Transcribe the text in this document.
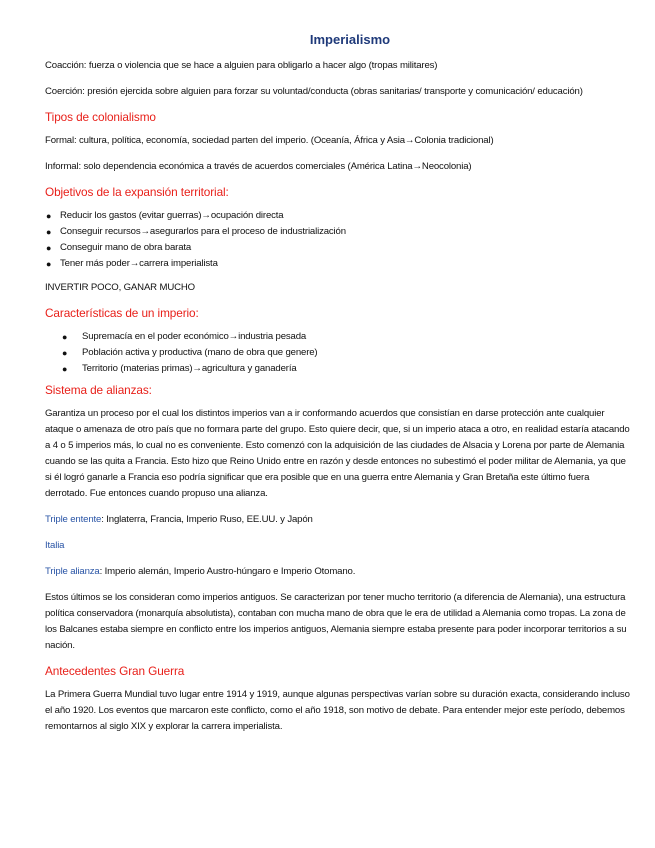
Imperialismo

Coacción: fuerza o violencia que se hace a alguien para obligarlo a hacer algo (tropas militares)

Coerción: presión ejercida sobre alguien para forzar su voluntad/conducta (obras sanitarias/ transporte y comunicación/ educación)

Tipos de colonialismo

Formal: cultura, política, economía, sociedad parten del imperio. (Oceanía, África y Asia→Colonia tradicional)

Informal: solo dependencia económica a través de acuerdos comerciales (América Latina→Neocolonia)

Objetivos de la expansión territorial:
● Reducir los gastos (evitar guerras)→ocupación directa
● Conseguir recursos→asegurarlos para el proceso de industrialización
● Conseguir mano de obra barata
● Tener más poder→carrera imperialista

INVERTIR POCO, GANAR MUCHO

Características de un imperio:
● Supremacía en el poder económico→industria pesada
● Población activa y productiva (mano de obra que genere)
● Territorio (materias primas)→agricultura y ganadería
Sistema de alianzas:

Garantiza un proceso por el cual los distintos imperios van a ir conformando acuerdos que consistían en darse protección ante cualquier ataque o amenaza de otro país que no formara parte del grupo. Esto quiere decir, que, si un imperio ataca a otro, en realidad estaría atacando a 4 o 5 imperios más, lo cual no es conveniente. Esto comenzó con la adquisición de las ciudades de Alsacia y Lorena por parte de Alemania cuando se las quita a Francia. Esto hizo que Reino Unido entre en razón y desde entonces no subestimó el poder militar de Alemania, ya que si él logró ganarle a Francia eso podría significar que era posible que en una guerra entre Alemania y Gran Bretaña este último fuera derrotado. Fue entonces cuando propuso una alianza.

Triple entente: Inglaterra, Francia, Imperio Ruso, EE.UU. y Japón

Italia

Triple alianza: Imperio alemán, Imperio Austro-húngaro e Imperio Otomano.

Estos últimos se los consideran como imperios antiguos. Se caracterizan por tener mucho territorio (a diferencia de Alemania), una estructura política conservadora (monarquía absolutista), contaban con mucha mano de obra que le era de utilidad a Alemania como tropas. La zona de los Balcanes estaba siempre en conflicto entre los imperios antiguos, Alemania siempre estaba presente para poder incorporar territorios a su nación.

Antecedentes Gran Guerra

La Primera Guerra Mundial tuvo lugar entre 1914 y 1919, aunque algunas perspectivas varían sobre su duración exacta, considerando incluso el año 1920. Los eventos que marcaron este conflicto, como el año 1918, son motivo de debate. Para entender mejor este período, debemos remontarnos al siglo XIX y explorar la carrera imperialista.
